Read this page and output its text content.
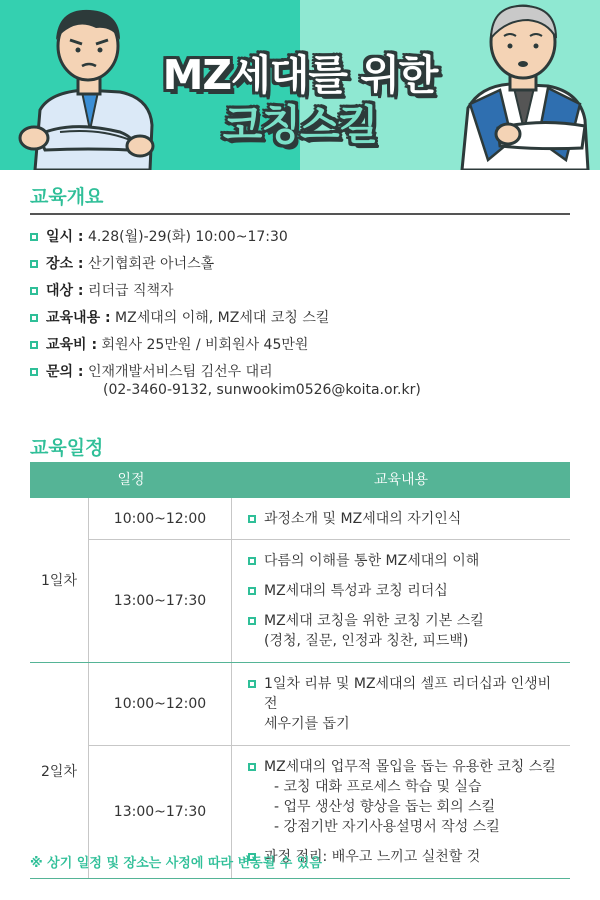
MZ세대를 위한
코칭스킬
교육개요
일시 : 4.28(월)-29(화) 10:00~17:30
장소 : 산기협회관 아너스홀
대상 : 리더급 직책자
교육내용 : MZ세대의 이해, MZ세대 코칭 스킬
교육비 : 회원사 25만원 / 비회원사 45만원
문의 : 인재개발서비스팀 김선우 대리
(02-3460-9132, sunwookim0526@koita.or.kr)
교육일정
일정	교육내용
1일차
10:00~12:00	과정소개 및 MZ세대의 자기인식
13:00~17:30
다름의 이해를 통한 MZ세대의 이해
MZ세대의 특성과 코칭 리더십
MZ세대 코칭을 위한 코칭 기본 스킬
(경청, 질문, 인정과 칭찬, 피드백)
2일차
10:00~12:00
1일차 리뷰 및 MZ세대의 셀프 리더십과 인생비전
세우기를 돕기
13:00~17:30
MZ세대의 업무적 몰입을 돕는 유용한 코칭 스킬
- 코칭 대화 프로세스 학습 및 실습
- 업무 생산성 향상을 돕는 회의 스킬
- 강점기반 자기사용설명서 작성 스킬
과정 정리: 배우고 느끼고 실천할 것
※ 상기 일정 및 장소는 사정에 따라 변동될 수 있음
